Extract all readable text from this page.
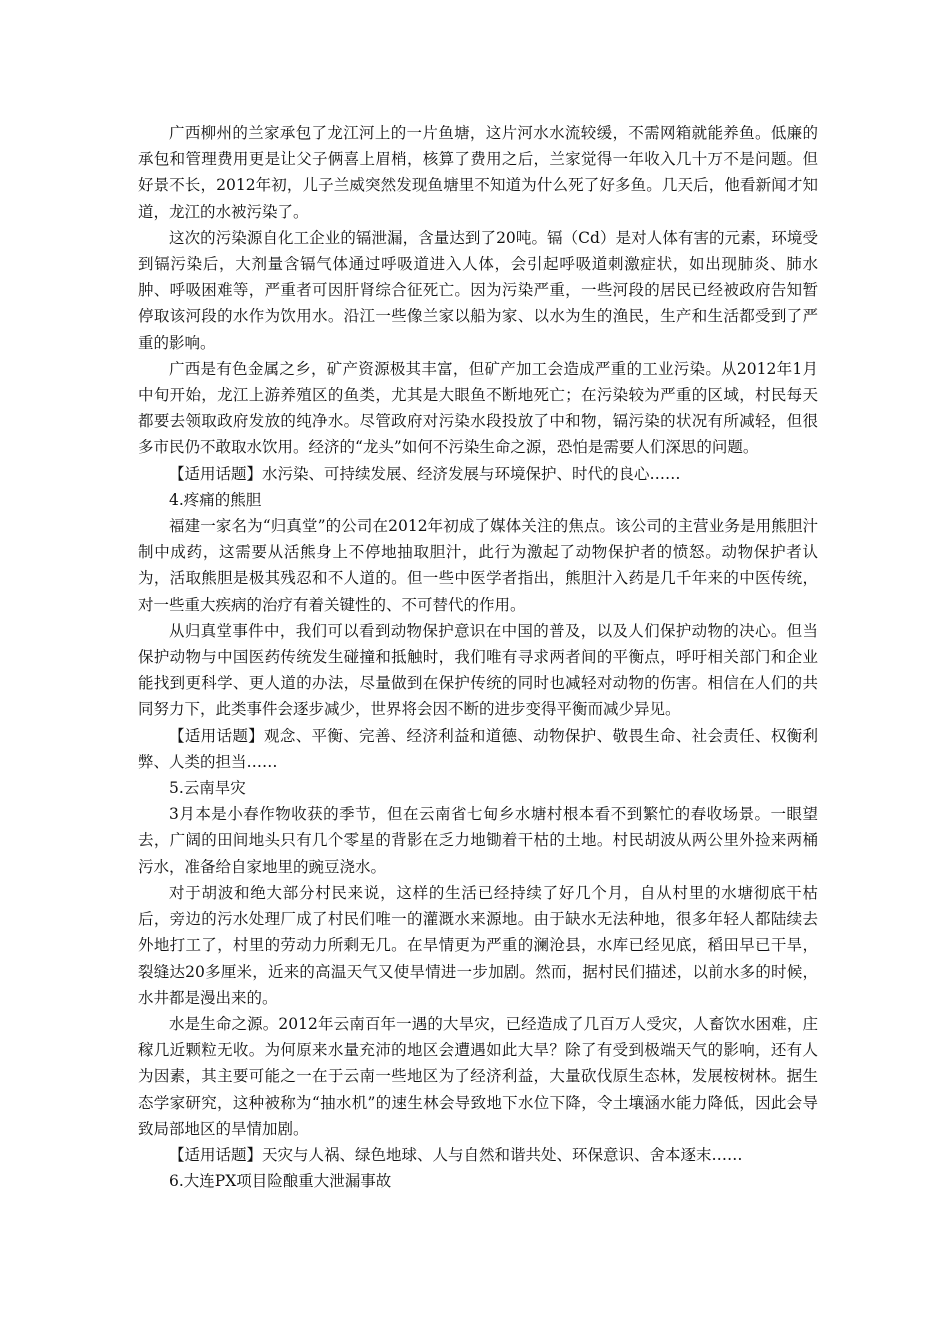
广西柳州的兰家承包了龙江河上的一片鱼塘，这片河水水流较缓，不需网箱就能养鱼。低廉的承包和管理费用更是让父子俩喜上眉梢，核算了费用之后，兰家觉得一年收入几十万不是问题。但好景不长，2012年初，儿子兰威突然发现鱼塘里不知道为什么死了好多鱼。几天后，他看新闻才知道，龙江的水被污染了。

这次的污染源自化工企业的镉泄漏，含量达到了20吨。镉（Cd）是对人体有害的元素，环境受到镉污染后，大剂量含镉气体通过呼吸道进入人体，会引起呼吸道刺激症状，如出现肺炎、肺水肿、呼吸困难等，严重者可因肝肾综合征死亡。因为污染严重，一些河段的居民已经被政府告知暂停取该河段的水作为饮用水。沿江一些像兰家以船为家、以水为生的渔民，生产和生活都受到了严重的影响。

广西是有色金属之乡，矿产资源极其丰富，但矿产加工会造成严重的工业污染。从2012年1月中旬开始，龙江上游养殖区的鱼类，尤其是大眼鱼不断地死亡；在污染较为严重的区域，村民每天都要去领取政府发放的纯净水。尽管政府对污染水段投放了中和物，镉污染的状况有所减轻，但很多市民仍不敢取水饮用。经济的“龙头”如何不污染生命之源，恐怕是需要人们深思的问题。

【适用话题】水污染、可持续发展、经济发展与环境保护、时代的良心……

4.疼痛的熊胆

福建一家名为“归真堂”的公司在2012年初成了媒体关注的焦点。该公司的主营业务是用熊胆汁制中成药，这需要从活熊身上不停地抽取胆汁，此行为激起了动物保护者的愤怒。动物保护者认为，活取熊胆是极其残忍和不人道的。但一些中医学者指出，熊胆汁入药是几千年来的中医传统，对一些重大疾病的治疗有着关键性的、不可替代的作用。

从归真堂事件中，我们可以看到动物保护意识在中国的普及，以及人们保护动物的决心。但当保护动物与中国医药传统发生碰撞和抵触时，我们唯有寻求两者间的平衡点，呼吁相关部门和企业能找到更科学、更人道的办法，尽量做到在保护传统的同时也减轻对动物的伤害。相信在人们的共同努力下，此类事件会逐步减少，世界将会因不断的进步变得平衡而减少异见。

【适用话题】观念、平衡、完善、经济利益和道德、动物保护、敬畏生命、社会责任、权衡利弊、人类的担当……

5.云南旱灾

3月本是小春作物收获的季节，但在云南省七甸乡水塘村根本看不到繁忙的春收场景。一眼望去，广阔的田间地头只有几个零星的背影在乏力地锄着干枯的土地。村民胡波从两公里外捡来两桶污水，准备给自家地里的豌豆浇水。

对于胡波和绝大部分村民来说，这样的生活已经持续了好几个月，自从村里的水塘彻底干枯后，旁边的污水处理厂成了村民们唯一的灌溉水来源地。由于缺水无法种地，很多年轻人都陆续去外地打工了，村里的劳动力所剩无几。在旱情更为严重的澜沧县，水库已经见底，稻田早已干旱，裂缝达20多厘米，近来的高温天气又使旱情进一步加剧。然而，据村民们描述，以前水多的时候，水井都是漫出来的。

水是生命之源。2012年云南百年一遇的大旱灾，已经造成了几百万人受灾，人畜饮水困难，庄稼几近颗粒无收。为何原来水量充沛的地区会遭遇如此大旱？除了有受到极端天气的影响，还有人为因素，其主要可能之一在于云南一些地区为了经济利益，大量砍伐原生态林，发展桉树林。据生态学家研究，这种被称为“抽水机”的速生林会导致地下水位下降，令土壤涵水能力降低，因此会导致局部地区的旱情加剧。

【适用话题】天灾与人祸、绿色地球、人与自然和谐共处、环保意识、舍本逐末……

6.大连PX项目险酿重大泄漏事故
